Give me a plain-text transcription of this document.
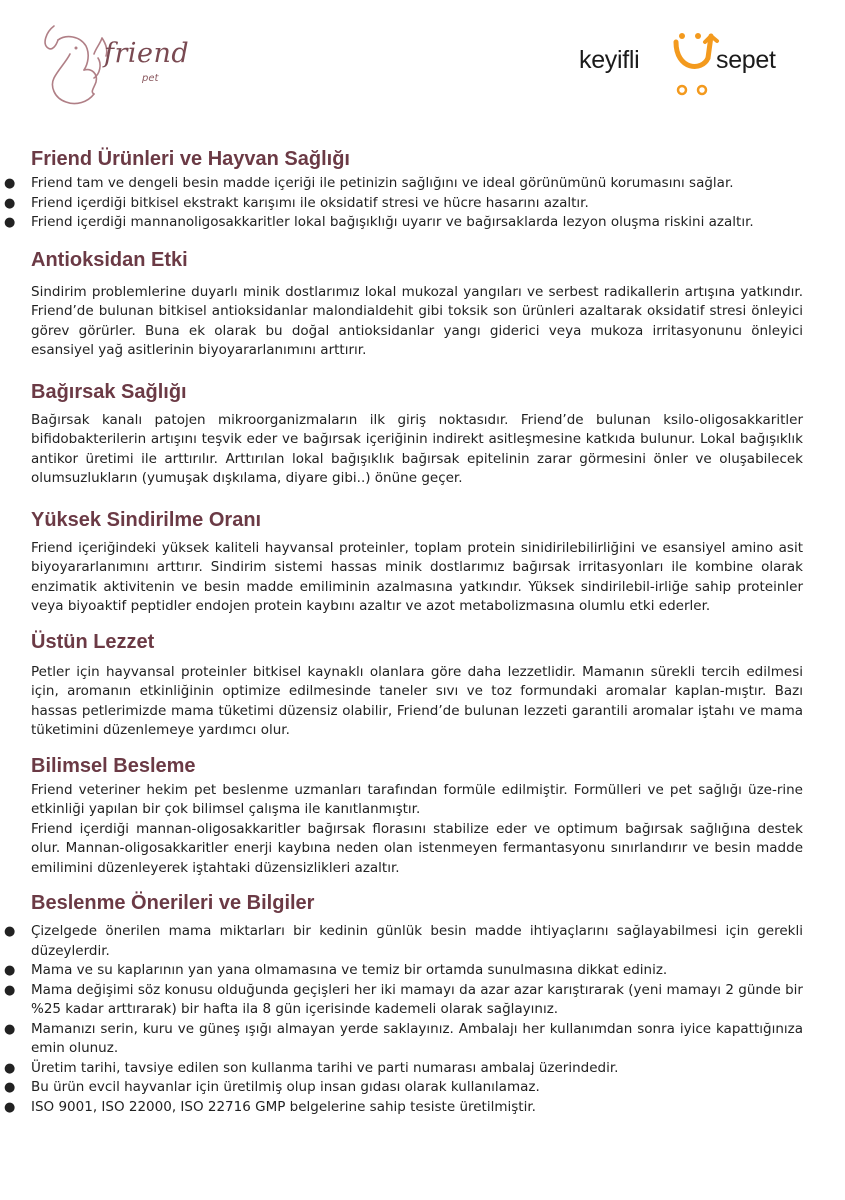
friend
pet
keyifli	sepet
Friend Ürünleri ve Hayvan Sağlığı
● Friend tam ve dengeli besin madde içeriği ile petinizin sağlığını ve ideal görünümünü korumasını sağlar.
● Friend içerdiği bitkisel ekstrakt karışımı ile oksidatif stresi ve hücre hasarını azaltır.
● Friend içerdiği mannanoligosakkaritler lokal bağışıklığı uyarır ve bağırsaklarda lezyon oluşma riskini azaltır.
Antioksidan Etki

Sindirim problemlerine duyarlı minik dostlarımız lokal mukozal yangıları ve serbest radikallerin artışına yatkındır. Friend’de bulunan bitkisel antioksidanlar malondialdehit gibi toksik son ürünleri azaltarak oksidatif stresi önleyici görev görürler. Buna ek olarak bu doğal antioksidanlar yangı giderici veya mukoza irritasyonunu önleyici esansiyel yağ asitlerinin biyoyararlanımını arttırır.

Bağırsak Sağlığı

Bağırsak kanalı patojen mikroorganizmaların ilk giriş noktasıdır. Friend’de bulunan ksilo-oligosakkaritler bifidobakterilerin artışını teşvik eder ve bağırsak içeriğinin indirekt asitleşmesine katkıda bulunur. Lokal bağışıklık antikor üretimi ile arttırılır. Arttırılan lokal bağışıklık bağırsak epitelinin zarar görmesini önler ve oluşabilecek olumsuzlukların (yumuşak dışkılama, diyare gibi..) önüne geçer.

Yüksek Sindirilme Oranı

Friend içeriğindeki yüksek kaliteli hayvansal proteinler, toplam protein sinidirilebilirliğini ve esansiyel amino asit biyoyararlanımını arttırır. Sindirim sistemi hassas minik dostlarımız bağırsak irritasyonları ile kombine olarak enzimatik aktivitenin ve besin madde emiliminin azalmasına yatkındır. Yüksek sindirilebil-irliğe sahip proteinler veya biyoaktif peptidler endojen protein kaybını azaltır ve azot metabolizmasına olumlu etki ederler.

Üstün Lezzet

Petler için hayvansal proteinler bitkisel kaynaklı olanlara göre daha lezzetlidir. Mamanın sürekli tercih edilmesi için, aromanın etkinliğinin optimize edilmesinde taneler sıvı ve toz formundaki aromalar kaplan-mıştır. Bazı hassas petlerimizde mama tüketimi düzensiz olabilir, Friend’de bulunan lezzeti garantili aromalar iştahı ve mama tüketimini düzenlemeye yardımcı olur.

Bilimsel Besleme

Friend veteriner hekim pet beslenme uzmanları tarafından formüle edilmiştir. Formülleri ve pet sağlığı üze-rine etkinliği yapılan bir çok bilimsel çalışma ile kanıtlanmıştır.

Friend içerdiği mannan-oligosakkaritler bağırsak florasını stabilize eder ve optimum bağırsak sağlığına destek olur. Mannan-oligosakkaritler enerji kaybına neden olan istenmeyen fermantasyonu sınırlandırır ve besin madde emilimini düzenleyerek iştahtaki düzensizlikleri azaltır.

Beslenme Önerileri ve Bilgiler
● Çizelgede önerilen mama miktarları bir kedinin günlük besin madde ihtiyaçlarını sağlayabilmesi için gerekli düzeylerdir.
● Mama ve su kaplarının yan yana olmamasına ve temiz bir ortamda sunulmasına dikkat ediniz.
● Mama değişimi söz konusu olduğunda geçişleri her iki mamayı da azar azar karıştırarak (yeni mamayı 2 günde bir %25 kadar arttırarak) bir hafta ila 8 gün içerisinde kademeli olarak sağlayınız.
● Mamanızı serin, kuru ve güneş ışığı almayan yerde saklayınız. Ambalajı her kullanımdan sonra iyice kapattığınıza emin olunuz.
● Üretim tarihi, tavsiye edilen son kullanma tarihi ve parti numarası ambalaj üzerindedir.
● Bu ürün evcil hayvanlar için üretilmiş olup insan gıdası olarak kullanılamaz.
● ISO 9001, ISO 22000, ISO 22716 GMP belgelerine sahip tesiste üretilmiştir.
